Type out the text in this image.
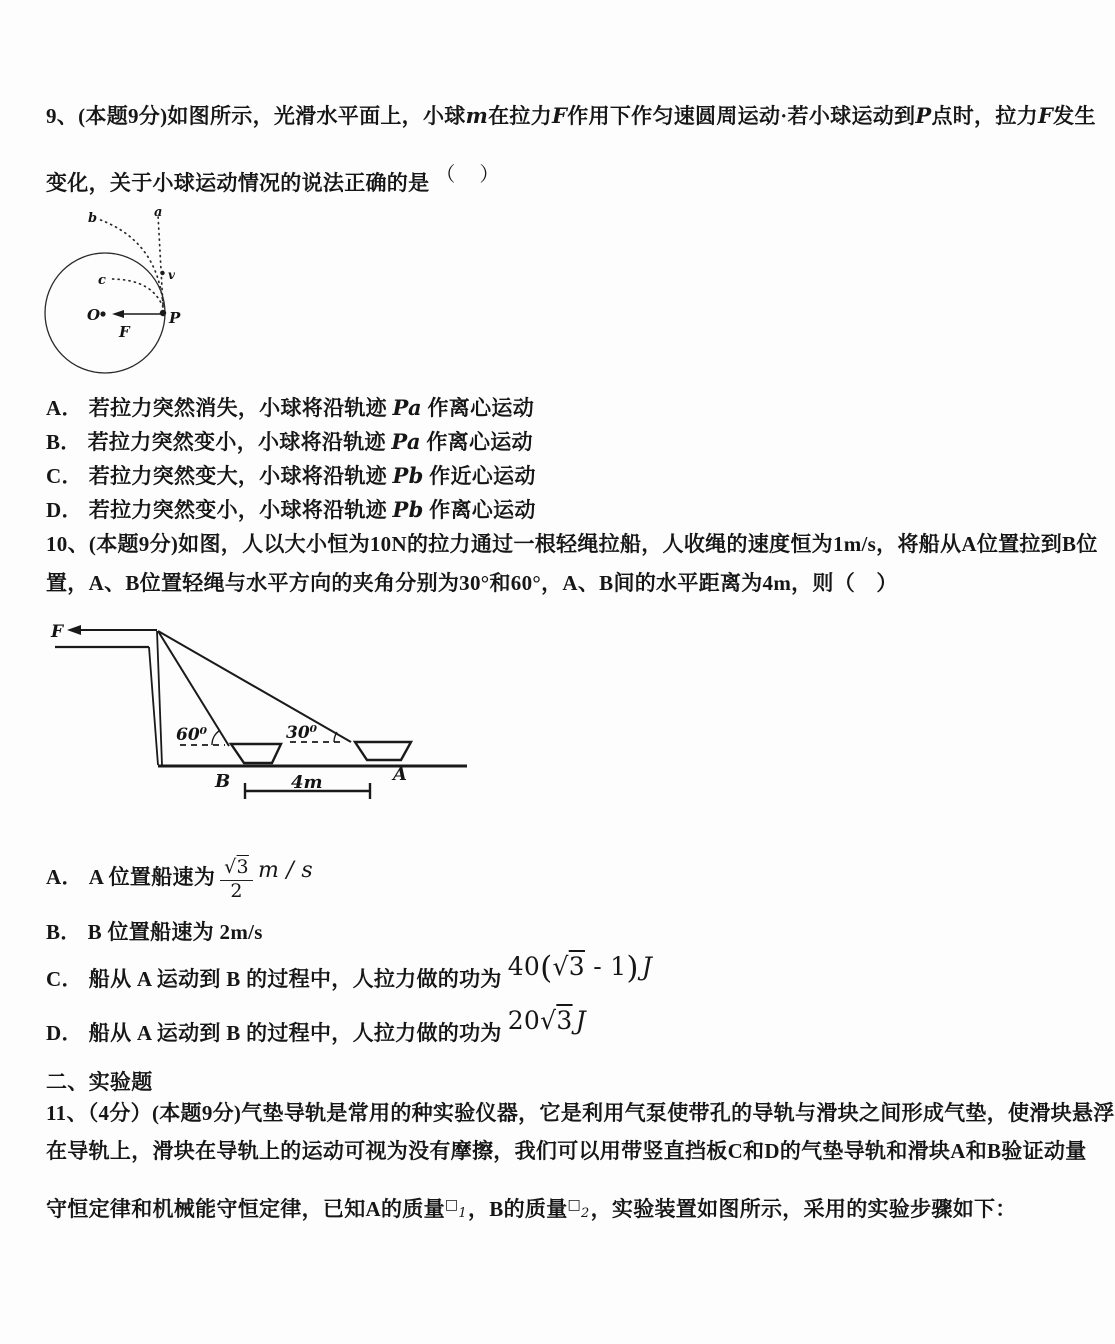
9、(本题9分)如图所示，光滑水平面上，小球m在拉力F作用下作匀速圆周运动·若小球运动到P点时，拉力F发生
变化，关于小球运动情况的说法正确的是 （　）
a
b
c	v
O
F
P
A． 若拉力突然消失，小球将沿轨迹 Pa 作离心运动
B． 若拉力突然变小，小球将沿轨迹 Pa 作离心运动
C． 若拉力突然变大，小球将沿轨迹 Pb 作近心运动
D． 若拉力突然变小，小球将沿轨迹 Pb 作离心运动
10、(本题9分)如图，人以大小恒为10N的拉力通过一根轻绳拉船，人收绳的速度恒为1m/s，将船从A位置拉到B位
置，A、B位置轻绳与水平方向的夹角分别为30°和60°，A、B间的水平距离为4m，则（　）
F
60⁰	30⁰
B	A
4m
A． A 位置船速为 $\frac{√3}{2}$ m / s
B． B 位置船速为 2m/s
C． 船从 A 运动到 B 的过程中，人拉力做的功为 40(√3 - 1) J
D． 船从 A 运动到 B 的过程中，人拉力做的功为 20√3 J
二、实验题
11、（4分）(本题9分)气垫导轨是常用的种实验仪器，它是利用气泵使带孔的导轨与滑块之间形成气垫，使滑块悬浮
在导轨上，滑块在导轨上的运动可视为没有摩擦，我们可以用带竖直挡板C和D的气垫导轨和滑块A和B验证动量
守恒定律和机械能守恒定律，已知A的质量□$_1$，B的质量□$_2$，实验装置如图所示，采用的实验步骤如下：
